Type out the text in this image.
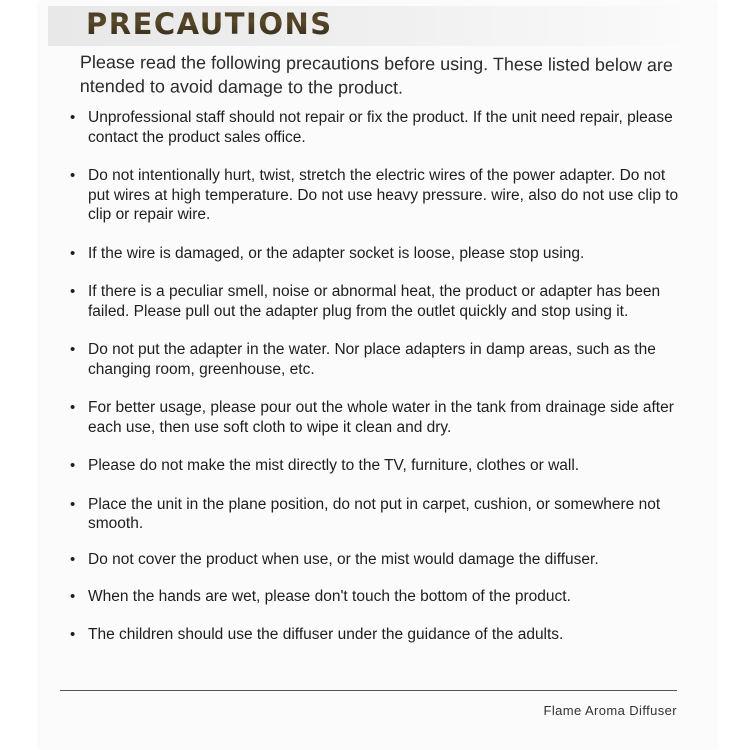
PRECAUTIONS

Please read the following precautions before using. These listed below are ntended to avoid damage to the product.

• Unprofessional staff should not repair or fix the product. If the unit need repair, please contact the product sales office.
• Do not intentionally hurt, twist, stretch the electric wires of the power adapter. Do not put wires at high temperature. Do not use heavy pressure. wire, also do not use clip to clip or repair wire.
• If the wire is damaged, or the adapter socket is loose, please stop using.
• If there is a peculiar smell, noise or abnormal heat, the product or adapter has been failed. Please pull out the adapter plug from the outlet quickly and stop using it.
• Do not put the adapter in the water. Nor place adapters in damp areas, such as the changing room, greenhouse, etc.
• For better usage, please pour out the whole water in the tank from drainage side after each use, then use soft cloth to wipe it clean and dry.
• Please do not make the mist directly to the TV, furniture, clothes or wall.
• Place the unit in the plane position, do not put in carpet, cushion, or somewhere not smooth.
• Do not cover the product when use, or the mist would damage the diffuser.
• When the hands are wet, please don't touch the bottom of the product.
• The children should use the diffuser under the guidance of the adults.
Flame Aroma Diffuser
